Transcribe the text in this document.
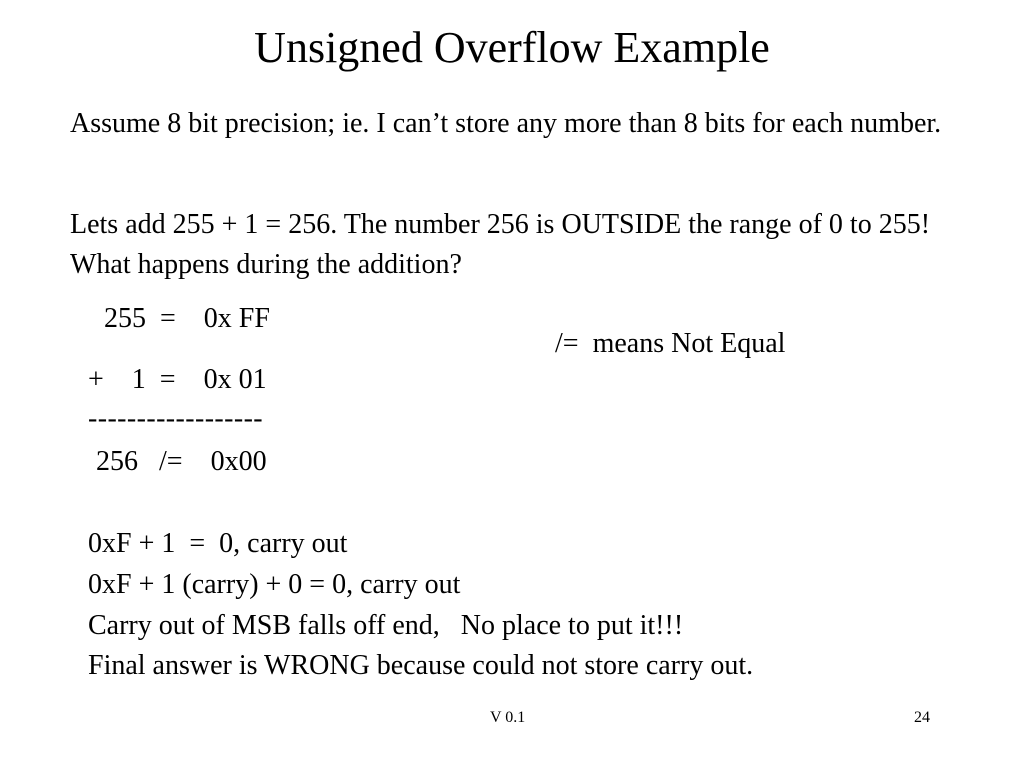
Unsigned Overflow Example
Assume 8 bit precision; ie. I can’t store any more than 8 bits for each number.
Lets add 255 + 1 = 256. The number 256 is OUTSIDE the range of 0 to 255! What happens during the addition?
255  =    0x FF
/=  means Not Equal
+    1  =    0x 01
------------------
256   /=    0x00
0xF + 1  =  0, carry out
0xF + 1 (carry) + 0 = 0, carry out
Carry out of MSB falls off end,   No place to put it!!!
Final answer is WRONG because could not store carry out.
V 0.1	24
